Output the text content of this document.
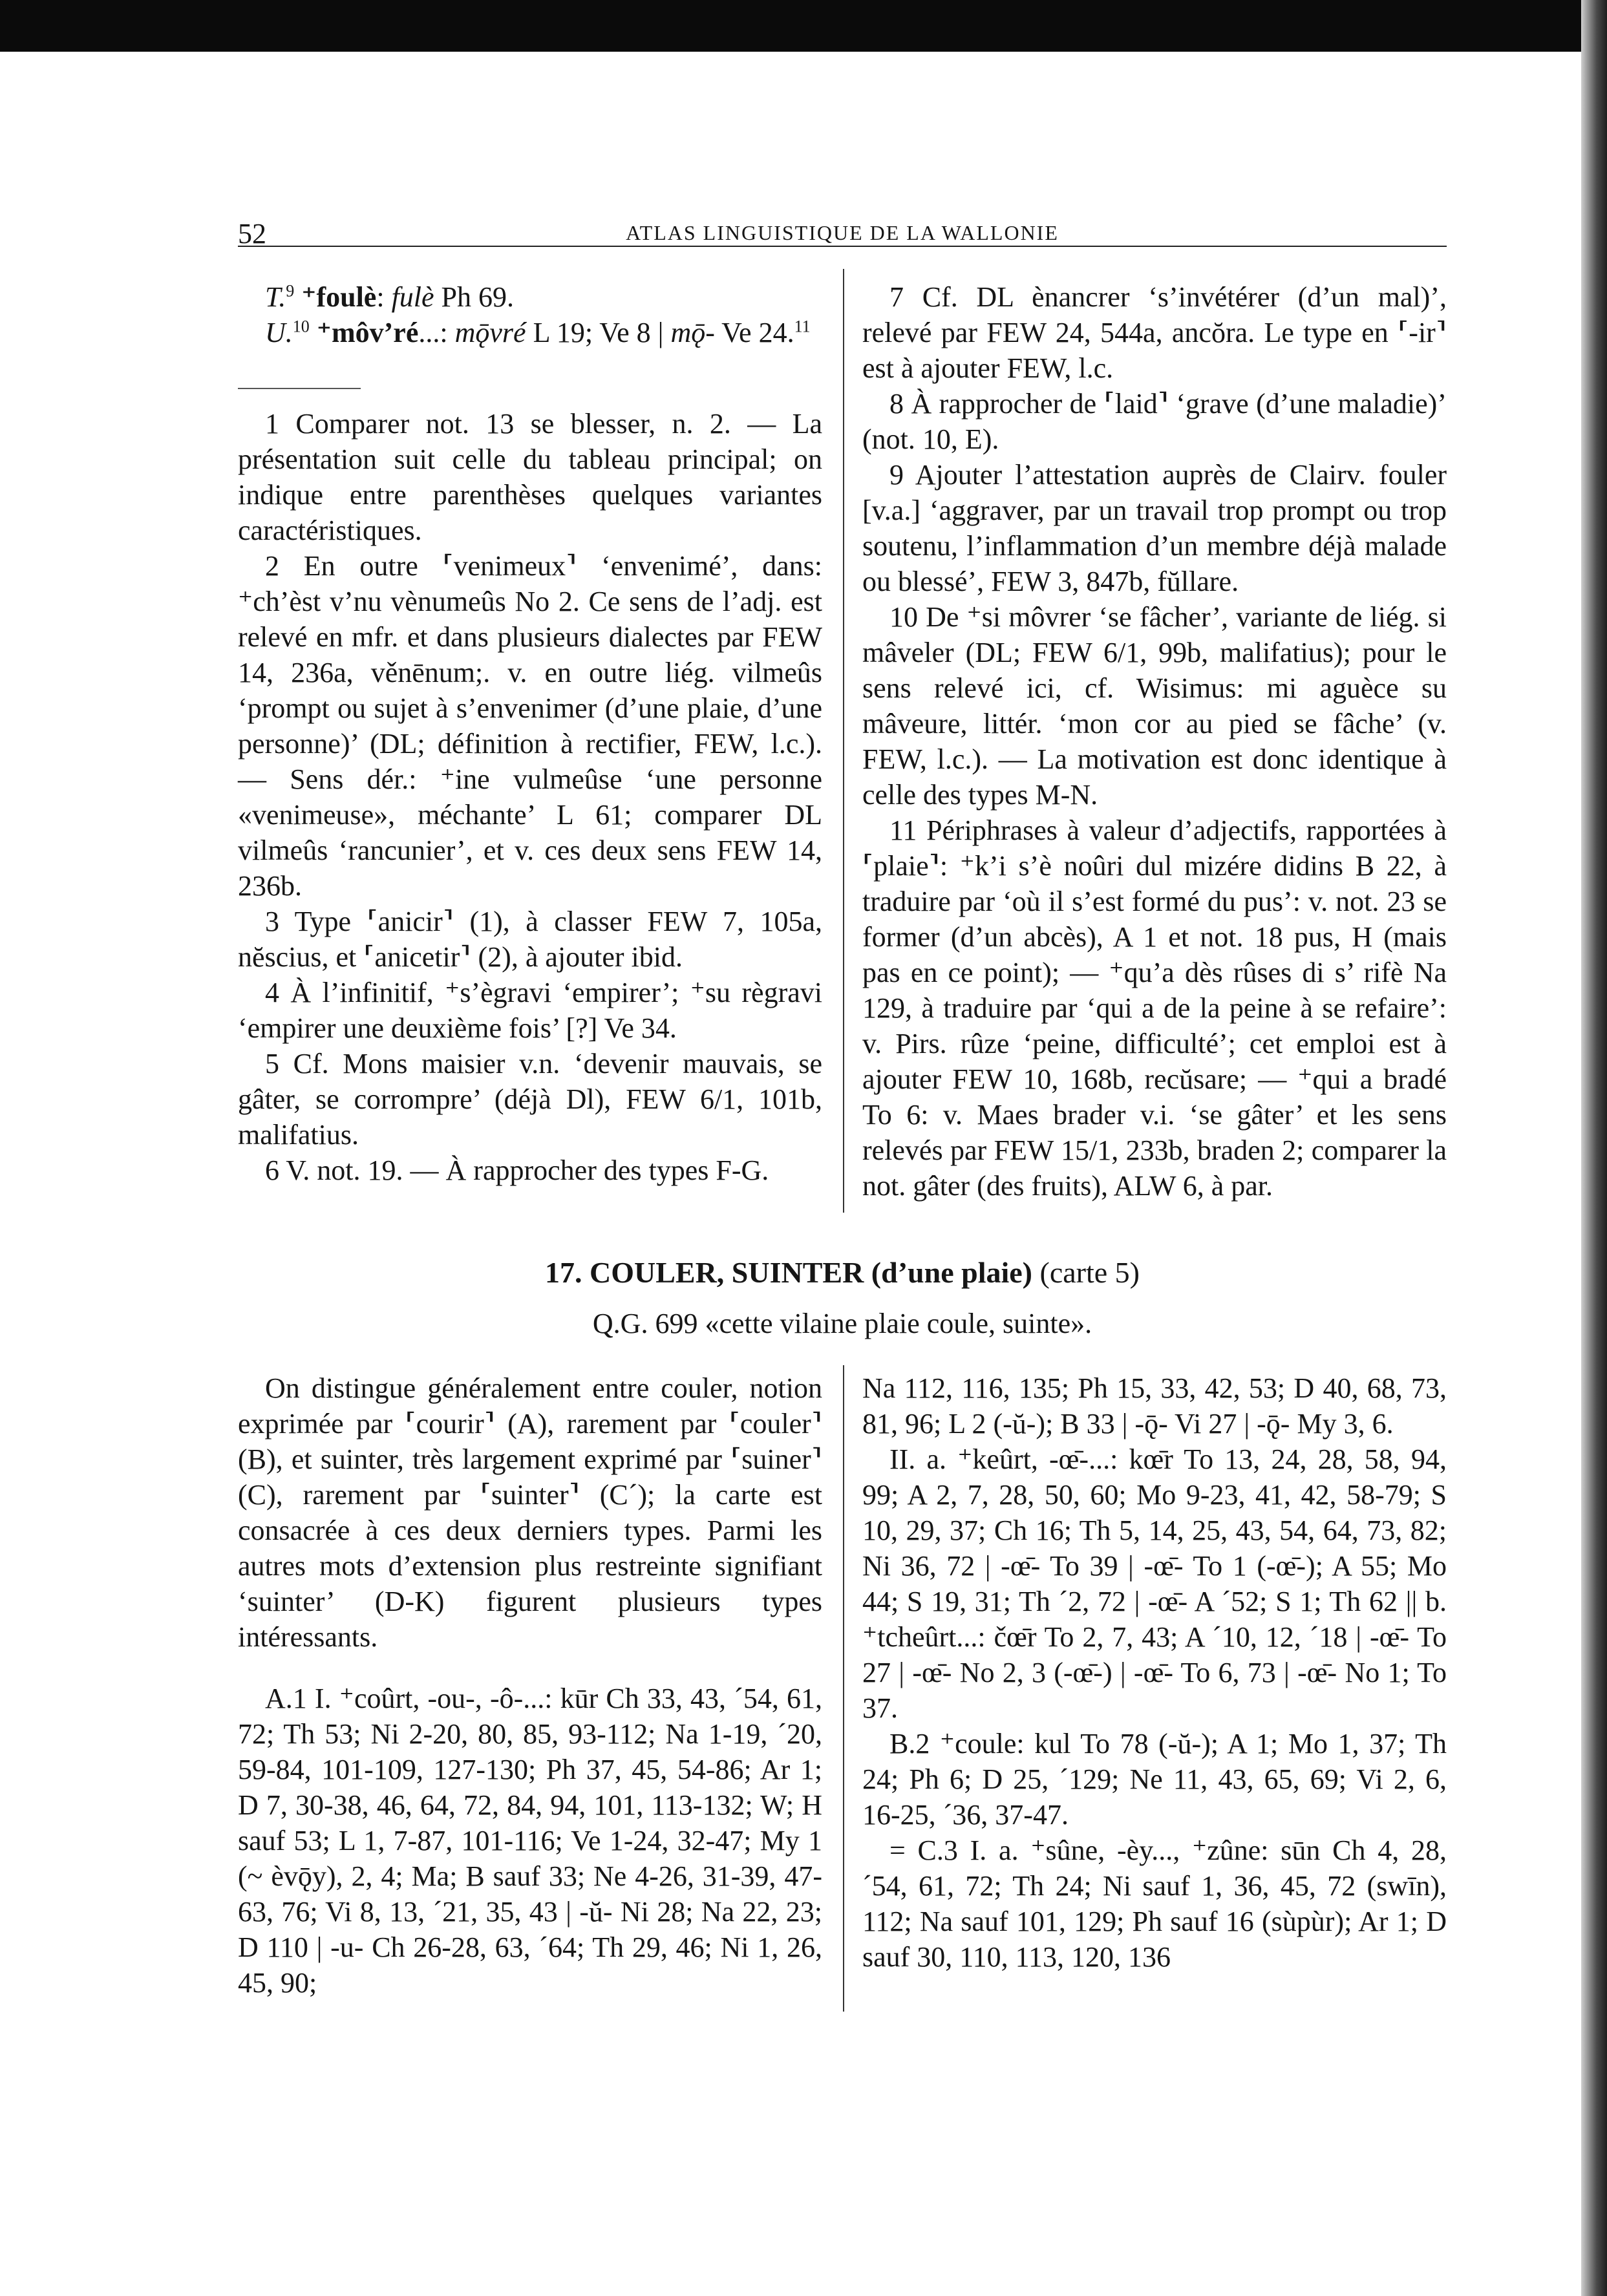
52	ATLAS LINGUISTIQUE DE LA WALLONIE

T.$^9$ ⁺foulè: fulè Ph 69.

U.$^{10}$ ⁺môv’ré...: mǭvré L 19; Ve 8 | mǭ- Ve 24.11

1 Comparer not. 13 se blesser, n. 2. — La présentation suit celle du tableau principal; on indique entre parenthèses quelques variantes caractéristiques.

2 En outre ⸢venimeux⸣ ‘envenimé’, dans: ⁺ch’èst v’nu vènumeûs No 2. Ce sens de l’adj. est relevé en mfr. et dans plusieurs dialectes par FEW 14, 236a, věnēnum;. v. en outre liég. vilmeûs ‘prompt ou sujet à s’envenimer (d’une plaie, d’une personne)’ (DL; définition à rectifier, FEW, l.c.). — Sens dér.: ⁺ine vulmeûse ‘une personne «venimeuse», méchante’ L 61; comparer DL vilmeûs ‘rancunier’, et v. ces deux sens FEW 14, 236b.

3 Type ⸢anicir⸣ (1), à classer FEW 7, 105a, nĕscius, et ⸢anicetir⸣ (2), à ajouter ibid.

4 À l’infinitif, ⁺s’ègravi ‘empirer’; ⁺su règravi ‘empirer une deuxième fois’ [?] Ve 34.

5 Cf. Mons maisier v.n. ‘devenir mauvais, se gâter, se corrompre’ (déjà Dl), FEW 6/1, 101b, malifatius.

6 V. not. 19. — À rapprocher des types F-G.

7 Cf. DL ènancrer ‘s’invétérer (d’un mal)’, relevé par FEW 24, 544a, ancŏra. Le type en ⸢-ir⸣ est à ajouter FEW, l.c.

8 À rapprocher de ⸢laid⸣ ‘grave (d’une maladie)’ (not. 10, E).

9 Ajouter l’attestation auprès de Clairv. fouler [v.a.] ‘aggraver, par un travail trop prompt ou trop soutenu, l’inflammation d’un membre déjà malade ou blessé’, FEW 3, 847b, fŭllare.

10 De ⁺si môvrer ‘se fâcher’, variante de liég. si mâveler (DL; FEW 6/1, 99b, malifatius); pour le sens relevé ici, cf. Wisimus: mi aguèce su mâveure, littér. ‘mon cor au pied se fâche’ (v. FEW, l.c.). — La motivation est donc identique à celle des types M-N.

11 Périphrases à valeur d’adjectifs, rapportées à ⸢plaie⸣: ⁺k’i s’è noûri dul mizére didins B 22, à traduire par ‘où il s’est formé du pus’: v. not. 23 se former (d’un abcès), A 1 et not. 18 pus, H (mais pas en ce point); — ⁺qu’a dès rûses di s’ rifè Na 129, à traduire par ‘qui a de la peine à se refaire’: v. Pirs. rûze ‘peine, difficulté’; cet emploi est à ajouter FEW 10, 168b, recŭsare; — ⁺qui a bradé To 6: v. Maes brader v.i. ‘se gâter’ et les sens relevés par FEW 15/1, 233b, braden 2; comparer la not. gâter (des fruits), ALW 6, à par.

17. COULER, SUINTER (d’une plaie) (carte 5)
Q.G. 699 «cette vilaine plaie coule, suinte».

On distingue généralement entre couler, notion exprimée par ⸢courir⸣ (A), rarement par ⸢couler⸣ (B), et suinter, très largement exprimé par ⸢suiner⸣ (C), rarement par ⸢suinter⸣ (C´); la carte est consacrée à ces deux derniers types. Parmi les autres mots d’extension plus restreinte signifiant ‘suinter’ (D-K) figurent plusieurs types intéressants.

A.1 I. ⁺coûrt, -ou-, -ô-...: kūr Ch 33, 43, ´54, 61, 72; Th 53; Ni 2-20, 80, 85, 93-112; Na 1-19, ´20, 59-84, 101-109, 127-130; Ph 37, 45, 54-86; Ar 1; D 7, 30-38, 46, 64, 72, 84, 94, 101, 113-132; W; H sauf 53; L 1, 7-87, 101-116; Ve 1-24, 32-47; My 1 (~ èvǭy), 2, 4; Ma; B sauf 33; Ne 4-26, 31-39, 47-63, 76; Vi 8, 13, ´21, 35, 43 | -ŭ- Ni 28; Na 22, 23; D 110 | -u- Ch 26-28, 63, ´64; Th 29, 46; Ni 1, 26, 45, 90;

Na 112, 116, 135; Ph 15, 33, 42, 53; D 40, 68, 73, 81, 96; L 2 (-ŭ-); B 33 | -ǭ- Vi 27 | -ǭ- My 3, 6.

II. a. ⁺keûrt, -œ̄-...: kœ̄r To 13, 24, 28, 58, 94, 99; A 2, 7, 28, 50, 60; Mo 9-23, 41, 42, 58-79; S 10, 29, 37; Ch 16; Th 5, 14, 25, 43, 54, 64, 73, 82; Ni 36, 72 | -œ̄- To 39 | -œ̄- To 1 (-œ̄-); A 55; Mo 44; S 19, 31; Th ´2, 72 | -œ̄- A ´52; S 1; Th 62 || b. ⁺tcheûrt...: čœ̄r To 2, 7, 43; A ´10, 12, ´18 | -œ̄- To 27 | -œ̄- No 2, 3 (-œ̄-) | -œ̄- To 6, 73 | -œ̄- No 1; To 37.

B.2 ⁺coule: kul To 78 (-ŭ-); A 1; Mo 1, 37; Th 24; Ph 6; D 25, ´129; Ne 11, 43, 65, 69; Vi 2, 6, 16-25, ´36, 37-47.

= C.3 I. a. ⁺sûne, -èy..., ⁺zûne: sūn Ch 4, 28, ´54, 61, 72; Th 24; Ni sauf 1, 36, 45, 72 (swīn), 112; Na sauf 101, 129; Ph sauf 16 (sùpùr); Ar 1; D sauf 30, 110, 113, 120, 136
